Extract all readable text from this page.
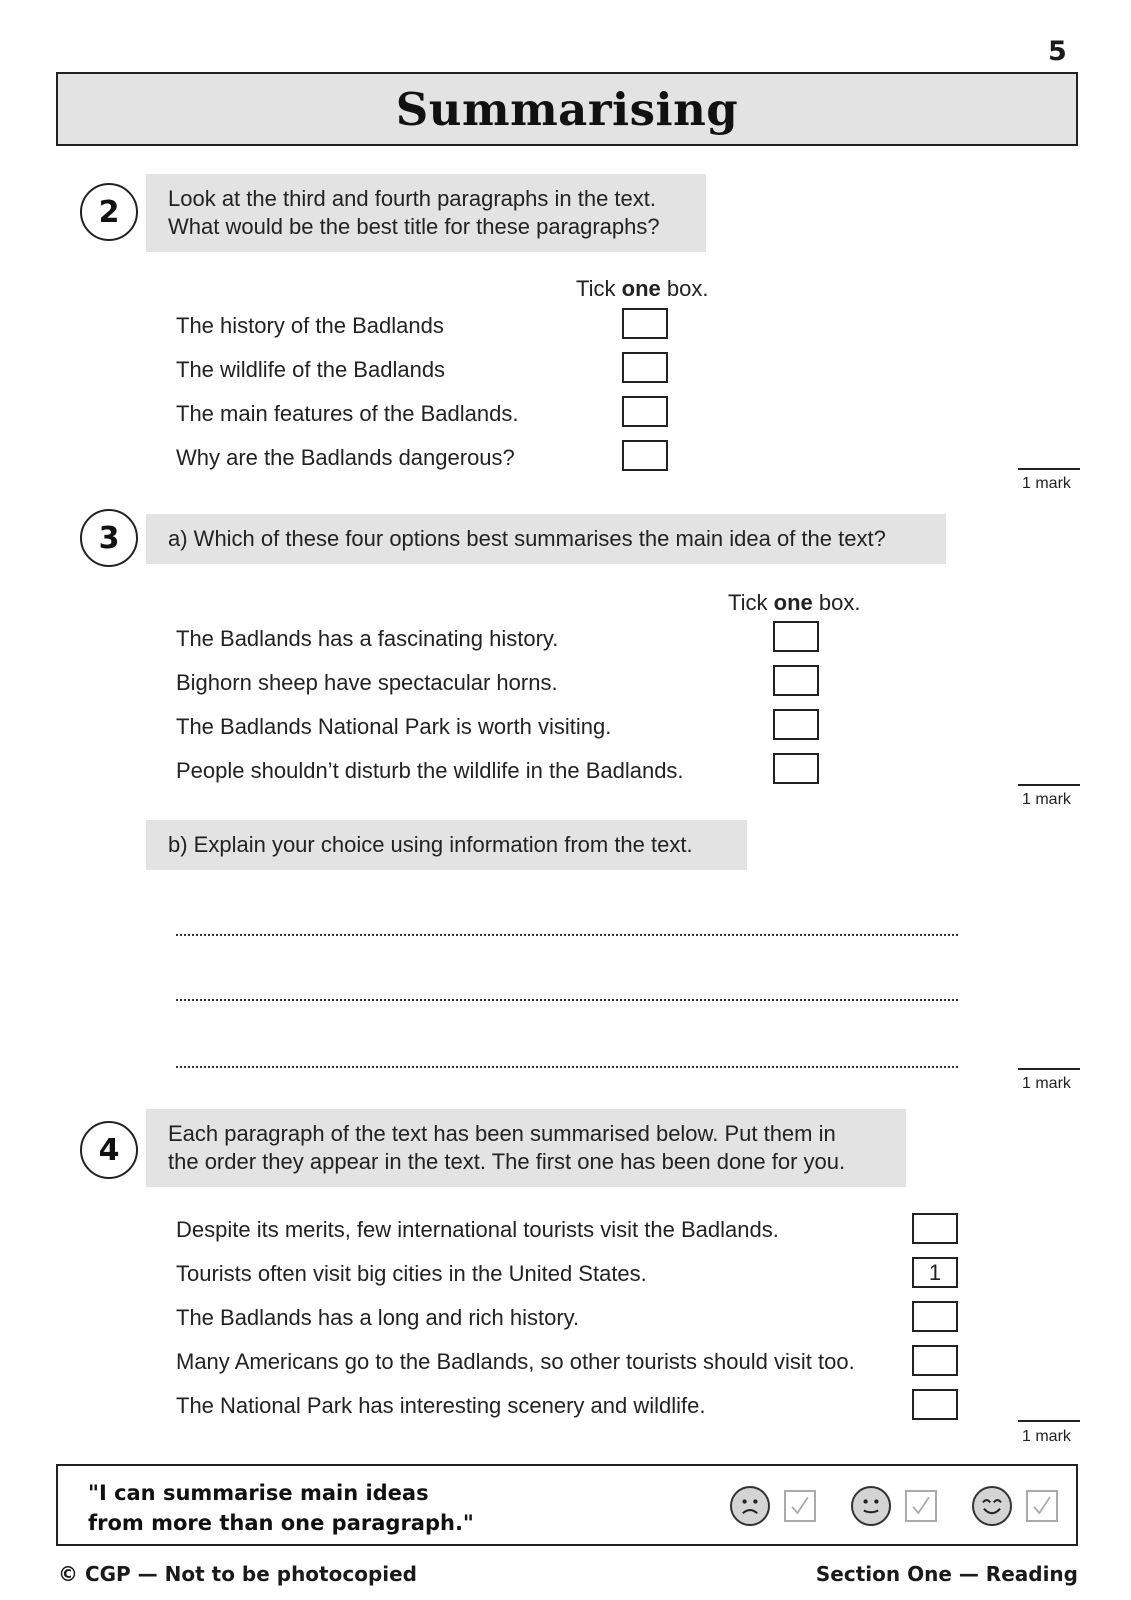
5
Summarising
2	Look at the third and fourth paragraphs in the text.
What would be the best title for these paragraphs?
Tick one box.
The history of the Badlands
The wildlife of the Badlands
The main features of the Badlands.
Why are the Badlands dangerous?
1 mark
3	a) Which of these four options best summarises the main idea of the text?
Tick one box.
The Badlands has a fascinating history.
Bighorn sheep have spectacular horns.
The Badlands National Park is worth visiting.
People shouldn’t disturb the wildlife in the Badlands.
1 mark
b) Explain your choice using information from the text.
1 mark
4	Each paragraph of the text has been summarised below. Put them in
the order they appear in the text. The first one has been done for you.
Despite its merits, few international tourists visit the Badlands.
Tourists often visit big cities in the United States.	1
The Badlands has a long and rich history.
Many Americans go to the Badlands, so other tourists should visit too.
The National Park has interesting scenery and wildlife.
1 mark
"I can summarise main ideas
from more than one paragraph."
© CGP — Not to be photocopied	Section One — Reading
